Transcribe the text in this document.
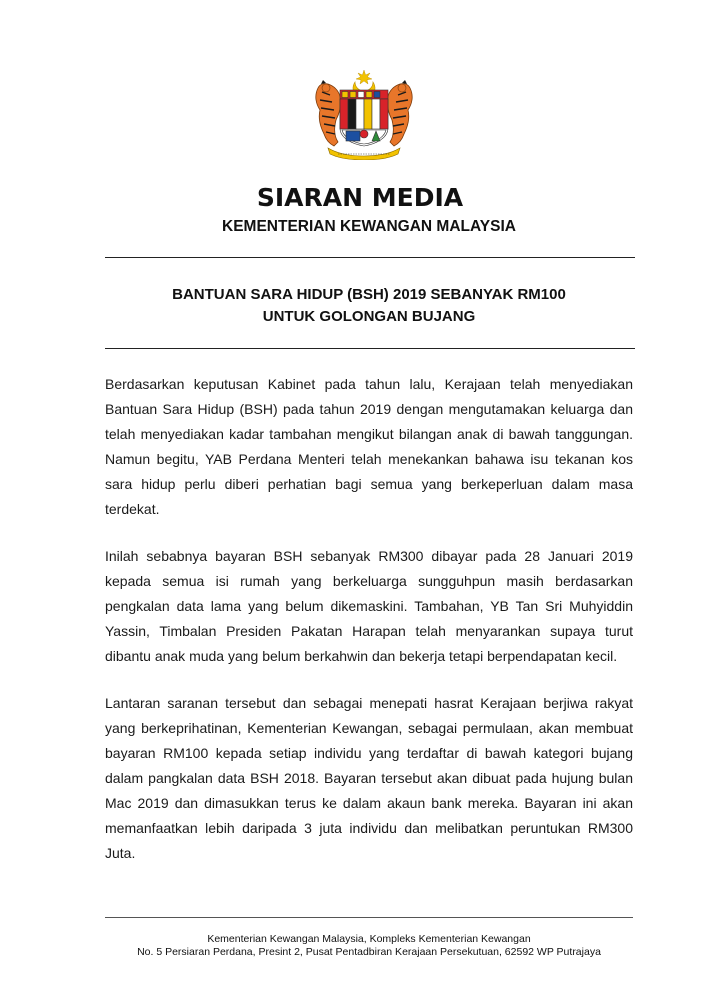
SIARAN MEDIA
KEMENTERIAN KEWANGAN MALAYSIA
BANTUAN SARA HIDUP (BSH) 2019 SEBANYAK RM100
UNTUK GOLONGAN BUJANG

Berdasarkan keputusan Kabinet pada tahun lalu, Kerajaan telah menyediakan Bantuan Sara Hidup (BSH) pada tahun 2019 dengan mengutamakan keluarga dan telah menyediakan kadar tambahan mengikut bilangan anak di bawah tanggungan. Namun begitu, YAB Perdana Menteri telah menekankan bahawa isu tekanan kos sara hidup perlu diberi perhatian bagi semua yang berkeperluan dalam masa terdekat.

Inilah sebabnya bayaran BSH sebanyak RM300 dibayar pada 28 Januari 2019 kepada semua isi rumah yang berkeluarga sungguhpun masih berdasarkan pengkalan data lama yang belum dikemaskini. Tambahan, YB Tan Sri Muhyiddin Yassin, Timbalan Presiden Pakatan Harapan telah menyarankan supaya turut dibantu anak muda yang belum berkahwin dan bekerja tetapi berpendapatan kecil.

Lantaran saranan tersebut dan sebagai menepati hasrat Kerajaan berjiwa rakyat yang berkeprihatinan, Kementerian Kewangan, sebagai permulaan, akan membuat bayaran RM100 kepada setiap individu yang terdaftar di bawah kategori bujang dalam pangkalan data BSH 2018. Bayaran tersebut akan dibuat pada hujung bulan Mac 2019 dan dimasukkan terus ke dalam akaun bank mereka. Bayaran ini akan memanfaatkan lebih daripada 3 juta individu dan melibatkan peruntukan RM300 Juta.

Kementerian Kewangan Malaysia, Kompleks Kementerian Kewangan
No. 5 Persiaran Perdana, Presint 2, Pusat Pentadbiran Kerajaan Persekutuan, 62592 WP Putrajaya
